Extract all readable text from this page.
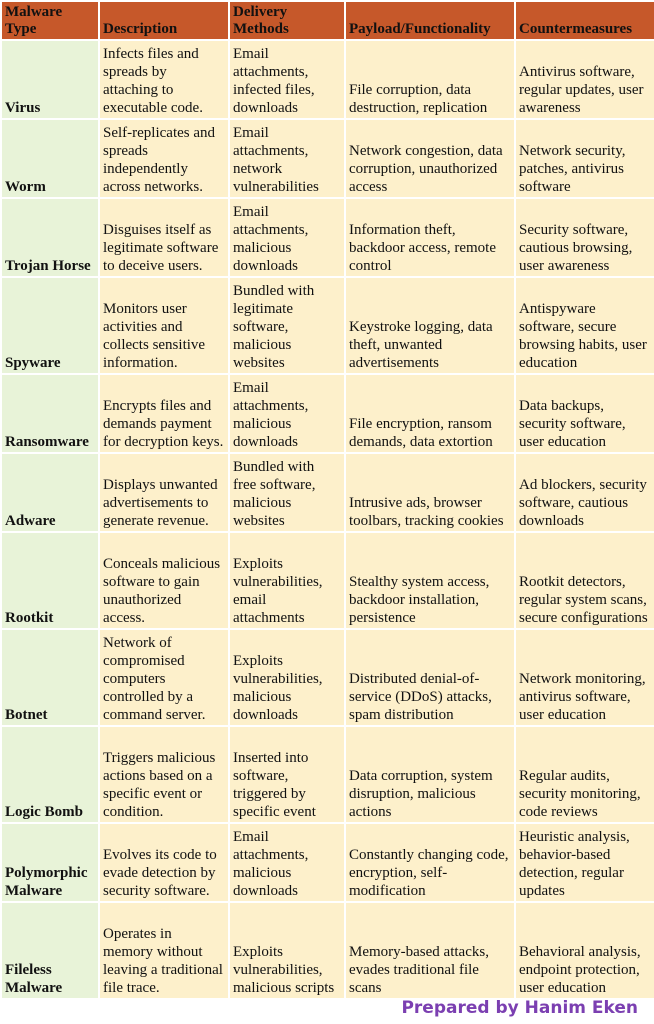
Malware Type	Description	Delivery Methods	Payload/Functionality	Countermeasures
Virus	Infects files and spreads by attaching to executable code.	Email attachments, infected files, downloads	File corruption, data destruction, replication	Antivirus software, regular updates, user awareness
Worm	Self-replicates and spreads independently across networks.	Email attachments, network vulnerabilities	Network congestion, data corruption, unauthorized access	Network security, patches, antivirus software
Trojan Horse	Disguises itself as legitimate software to deceive users.	Email attachments, malicious downloads	Information theft, backdoor access, remote control	Security software, cautious browsing, user awareness
Spyware	Monitors user activities and collects sensitive information.	Bundled with legitimate software, malicious websites	Keystroke logging, data theft, unwanted advertisements	Antispyware software, secure browsing habits, user education
Ransomware	Encrypts files and demands payment for decryption keys.	Email attachments, malicious downloads	File encryption, ransom demands, data extortion	Data backups, security software, user education
Adware	Displays unwanted advertisements to generate revenue.	Bundled with free software, malicious websites	Intrusive ads, browser toolbars, tracking cookies	Ad blockers, security software, cautious downloads
Rootkit	Conceals malicious software to gain unauthorized access.	Exploits vulnerabilities, email attachments	Stealthy system access, backdoor installation, persistence	Rootkit detectors, regular system scans, secure configurations
Botnet	Network of compromised computers controlled by a command server.	Exploits vulnerabilities, malicious downloads	Distributed denial-of-service (DDoS) attacks, spam distribution	Network monitoring, antivirus software, user education
Logic Bomb	Triggers malicious actions based on a specific event or condition.	Inserted into software, triggered by specific event	Data corruption, system disruption, malicious actions	Regular audits, security monitoring, code reviews
Polymorphic Malware	Evolves its code to evade detection by security software.	Email attachments, malicious downloads	Constantly changing code, encryption, self-modification	Heuristic analysis, behavior-based detection, regular updates
Fileless Malware	Operates in memory without leaving a traditional file trace.	Exploits vulnerabilities, malicious scripts	Memory-based attacks, evades traditional file scans	Behavioral analysis, endpoint protection, user education
Prepared by Hanim Eken
